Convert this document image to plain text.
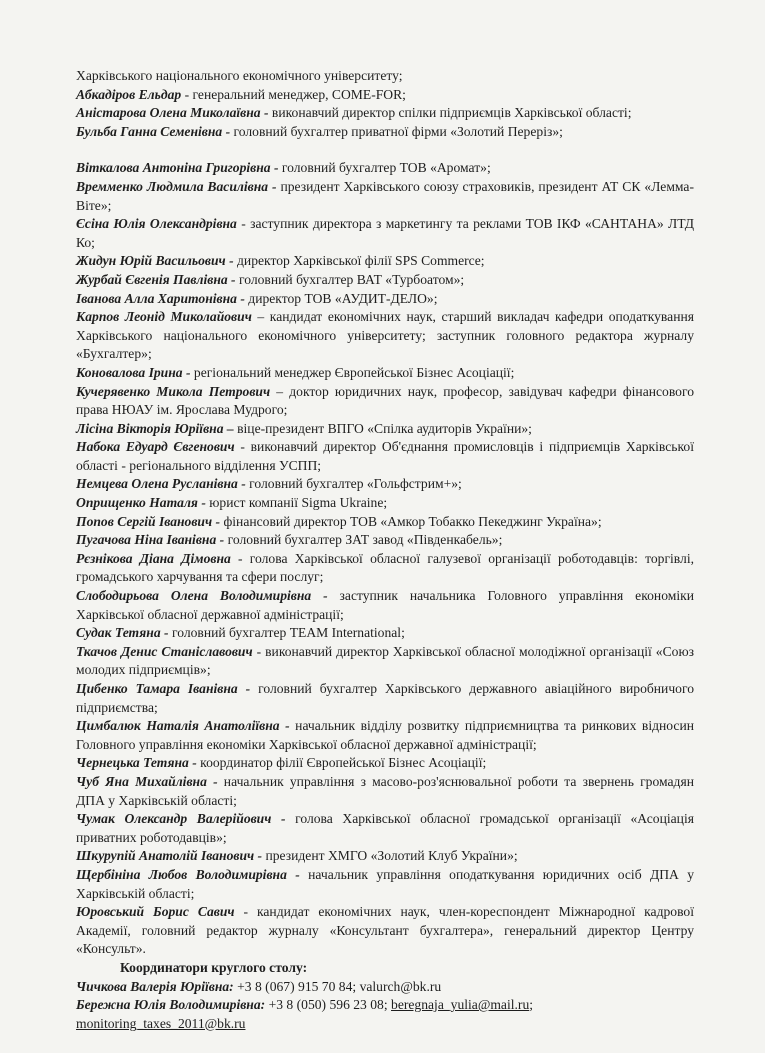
Харківського національного економічного університету;

Абкадіров Ельдар - генеральний менеджер, COME-FOR;

Аністарова Олена Миколаївна - виконавчий директор спілки підприємців Харківської області;

Бульба Ганна Семенівна - головний бухгалтер приватної фірми «Золотий Переріз»;

Віткалова Антоніна Григорівна - головний бухгалтер ТОВ «Аромат»;

Времменко Людмила Василівна - президент Харківського союзу страховиків, президент АТ СК «Лемма-Віте»;

Єсіна Юлія Олександрівна - заступник директора з маркетингу та реклами ТОВ ІКФ «САНТАНА» ЛТД Ко;

Жидун Юрій Васильович - директор Харківської філії SPS Commerce;

Журбай Євгенія Павлівна - головний бухгалтер ВАТ «Турбоатом»;

Іванова Алла Харитонівна - директор ТОВ «АУДИТ-ДЕЛО»;

Карпов Леонід Миколайович – кандидат економічних наук, старший викладач кафедри оподаткування Харківського національного економічного університету; заступник головного редактора журналу «Бухгалтер»;

Коновалова Ірина - регіональний менеджер Європейської Бізнес Асоціації;

Кучерявенко Микола Петрович – доктор юридичних наук, професор, завідувач кафедри фінансового права НЮАУ ім. Ярослава Мудрого;

Лісіна Вікторія Юріївна – віце-президент ВПГО «Спілка аудиторів України»;

Набока Едуард Євгенович - виконавчий директор Об'єднання промисловців і підприємців Харківської області - регіонального відділення УСПП;

Немцева Олена Русланівна - головний бухгалтер «Гольфстрим+»;

Оприщенко Наталя - юрист компанії Sigma Ukraine;

Попов Сергій Іванович - фінансовий директор ТОВ «Амкор Тобакко Пекеджинг Україна»;

Пугачова Ніна Іванівна - головний бухгалтер ЗАТ завод «Південкабель»;

Рєзнікова Діана Дімовна - голова Харківської обласної галузевої організації роботодавців: торгівлі, громадського харчування та сфери послуг;

Слободирьова Олена Володимирівна - заступник начальника Головного управління економіки Харківської обласної державної адміністрації;

Судак Тетяна - головний бухгалтер TEAM International;

Ткачов Денис Станіславович - виконавчий директор Харківської обласної молодіжної організації «Союз молодих підприємців»;

Цибенко Тамара Іванівна - головний бухгалтер Харківського державного авіаційного виробничого підприємства;

Цимбалюк Наталія Анатоліївна - начальник відділу розвитку підприємництва та ринкових відносин Головного управління економіки Харківської обласної державної адміністрації;

Чернецька Тетяна - координатор філії Європейської Бізнес Асоціації;

Чуб Яна Михайлівна - начальник управління з масово-роз'яснювальної роботи та звернень громадян ДПА у Харківській області;

Чумак Олександр Валерійович - голова Харківської обласної громадської організації «Асоціація приватних роботодавців»;

Шкурупій Анатолій Іванович - президент ХМГО «Золотий Клуб України»;

Щербініна Любов Володимирівна - начальник управління оподаткування юридичних осіб ДПА у Харківській області;

Юровський Борис Савич - кандидат економічних наук, член-кореспондент Міжнародної кадрової Академії, головний редактор журналу «Консультант бухгалтера», генеральний директор Центру «Консульт».

Координатори круглого столу:

Чичкова Валерія Юріївна: +3 8 (067) 915 70 84; valurch@bk.ru

Бережна Юлія Володимирівна: +3 8 (050) 596 23 08; beregnaja_yulia@mail.ru;

monitoring_taxes_2011@bk.ru
